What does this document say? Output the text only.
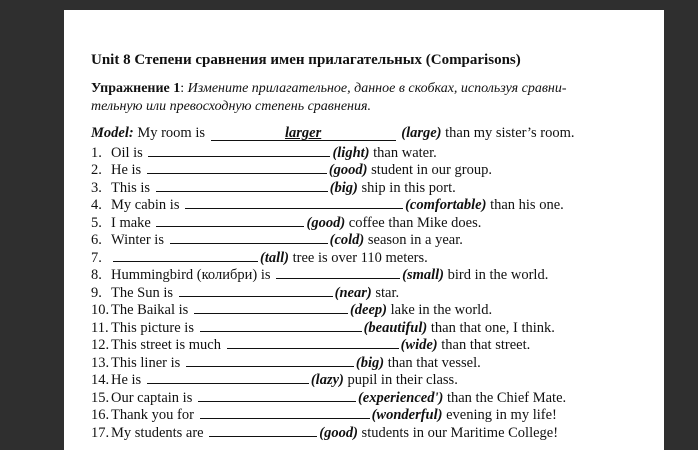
Unit 8 Степени сравнения имен прилагательных (Comparisons)
Упражнение 1: Измените прилагательное, данное в скобках, используя сравни-тельную или превосходную степень сравнения.
Model: My room is	larger	(large) than my sister’s room.
1. Oil is	(light) than water.
2. He is	(good) student in our group.
3. This is	(big) ship in this port.
4. My cabin is	(comfortable) than his one.
5. I make	(good) coffee than Mike does.
6. Winter is	(cold) season in a year.
7.	(tall) tree is over 110 meters.
8. Hummingbird (колибри) is	(small) bird in the world.
9. The Sun is	(near) star.
10. The Baikal is	(deep) lake in the world.
11. This picture is	(beautiful) than that one, I think.
12. This street is much	(wide) than that street.
13. This liner is	(big) than that vessel.
14. He is	(lazy) pupil in their class.
15. Our captain is	(experienced') than the Chief Mate.
16. Thank you for	(wonderful) evening in my life!
17. My students are	(good) students in our Maritime College!
